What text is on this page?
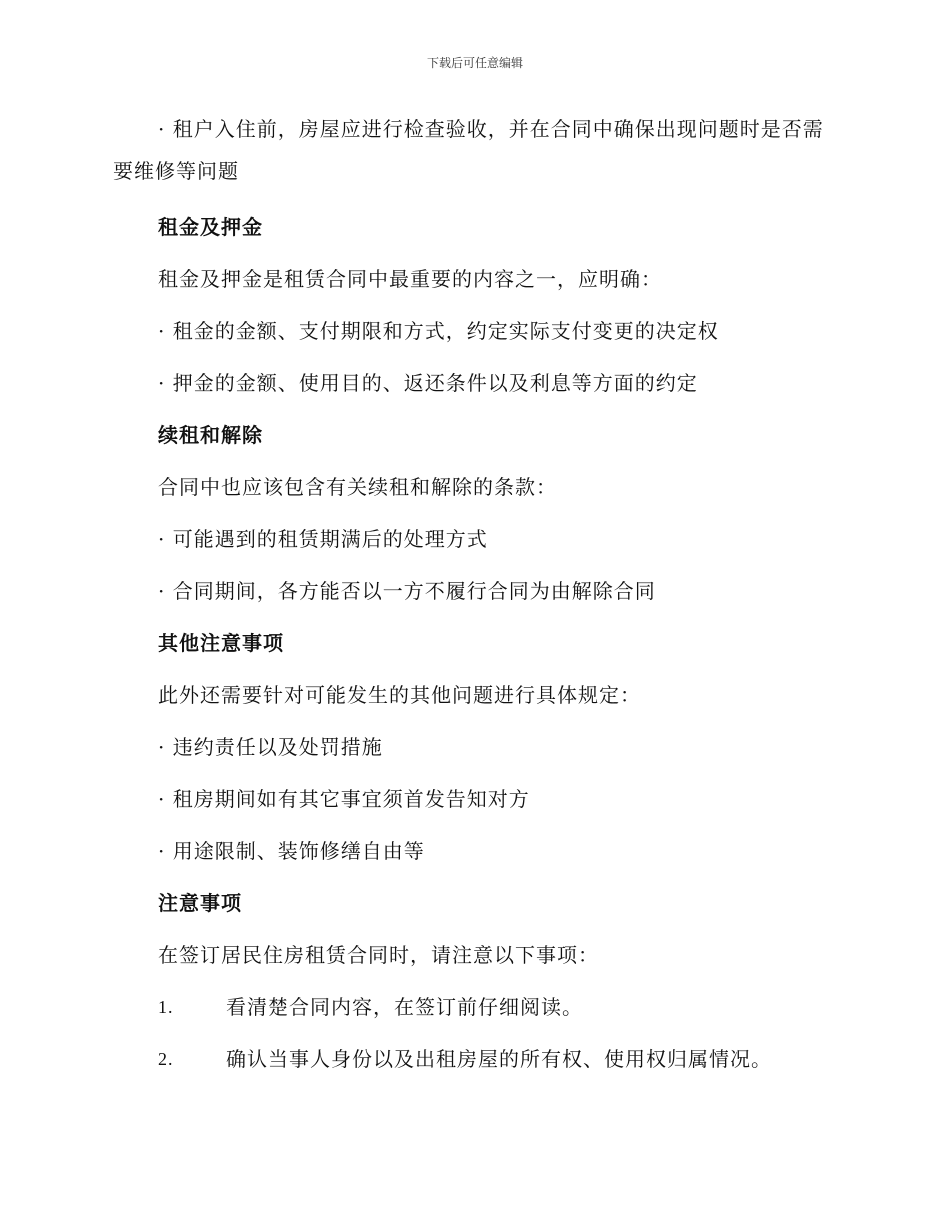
下载后可任意编辑

· 租户入住前，房屋应进行检查验收，并在合同中确保出现问题时是否需要维修等问题

租金及押金

租金及押金是租赁合同中最重要的内容之一，应明确：

· 租金的金额、支付期限和方式，约定实际支付变更的决定权

· 押金的金额、使用目的、返还条件以及利息等方面的约定

续租和解除

合同中也应该包含有关续租和解除的条款：

· 可能遇到的租赁期满后的处理方式

· 合同期间，各方能否以一方不履行合同为由解除合同

其他注意事项

此外还需要针对可能发生的其他问题进行具体规定：

· 违约责任以及处罚措施

· 租房期间如有其它事宜须首发告知对方

· 用途限制、装饰修缮自由等

注意事项

在签订居民住房租赁合同时，请注意以下事项：

1.	看清楚合同内容，在签订前仔细阅读。

2.	确认当事人身份以及出租房屋的所有权、使用权归属情况。
